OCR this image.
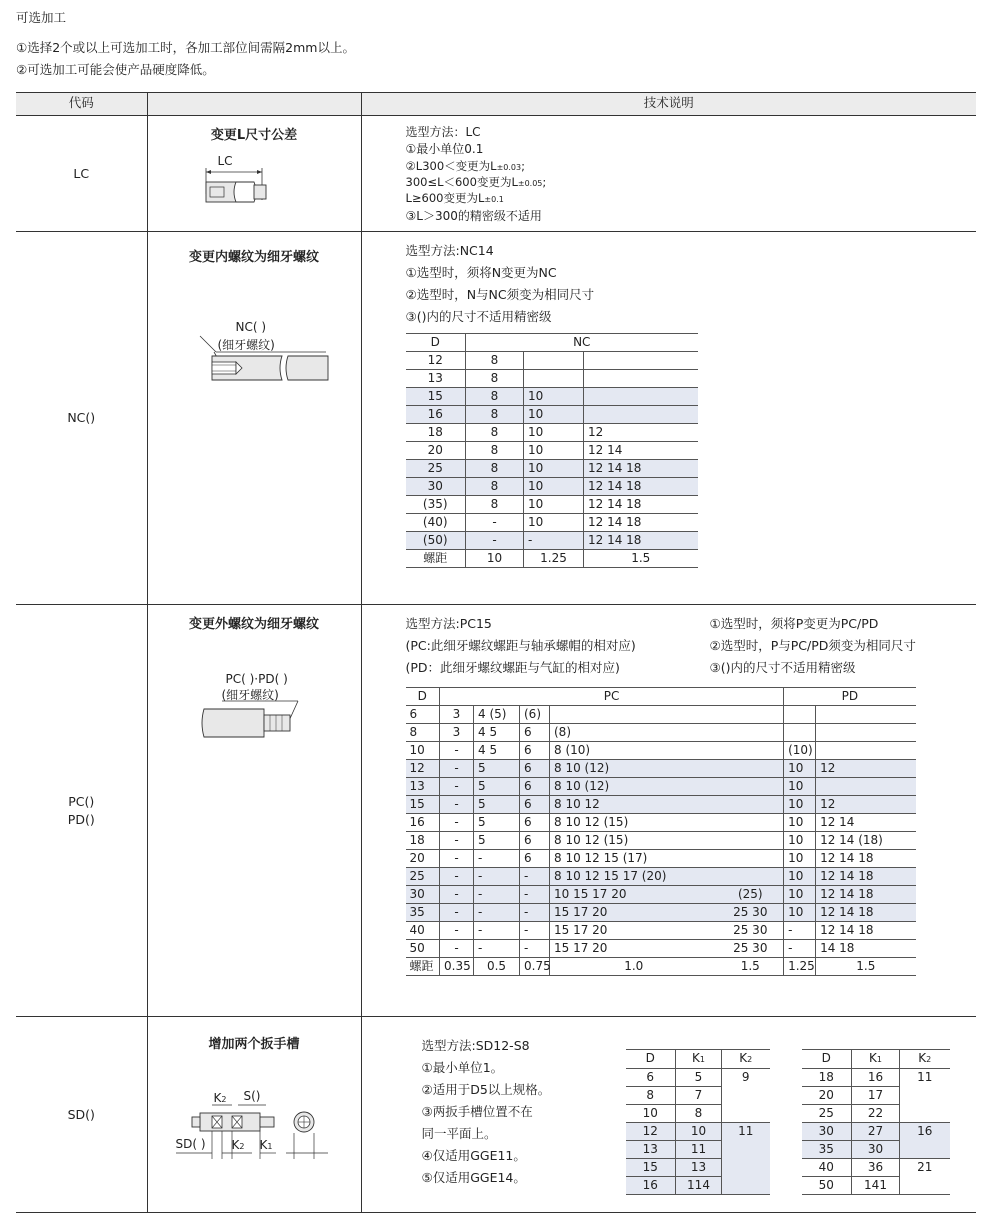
可选加工
①选择2个或以上可选加工时，各加工部位间需隔2mm以上。
②可选加工可能会使产品硬度降低。
代码		技术说明

LC

变更L尺寸公差
LC

选型方法：LC
①最小单位0.1
②L300＜变更为L±0.03;
300≤L＜600变更为L±0.05;
L≥600变更为L±0.1
③L＞300的精密级不适用

NC()

变更内螺纹为细牙螺纹
NC( )
(细牙螺纹)

选型方法:NC14
①选型时，须将N变更为NC
②选型时，N与NC须变为相同尺寸
③()内的尺寸不适用精密级
D	NC
12	8		
13	8		
15	8	10	
16	8	10	
18	8	10	12
20	8	10	12 14
25	8	10	12 14 18
30	8	10	12 14 18
(35)	8	10	12 14 18
(40)	-	10	12 14 18
(50)	-	-	12 14 18
螺距	10	1.25	1.5

PC()
PD()

变更外螺纹为细牙螺纹
PC( )·PD( )
(细牙螺纹)

选型方法:PC15
(PC:此细牙螺纹螺距与轴承螺帽的相对应)
(PD：此细牙螺纹螺距与气缸的相对应)
①选型时，须将P变更为PC/PD
②选型时，P与PC/PD须变为相同尺寸
③()内的尺寸不适用精密级
D	PC	PD
6	3	4 (5)	(6)				
8	3	4 5	6	(8)			
10	-	4 5	6	8 (10)		(10)	
12	-	5	6	8 10 (12)		10	12
13	-	5	6	8 10 (12)		10	
15	-	5	6	8 10 12		10	12
16	-	5	6	8 10 12 (15)		10	12 14
18	-	5	6	8 10 12 (15)		10	12 14 (18)
20	-	-	6	8 10 12 15 (17)		10	12 14 18
25	-	-	-	8 10 12 15 17 (20)		10	12 14 18
30	-	-	-	10 15 17 20	(25)	10	12 14 18
35	-	-	-	15 17 20	25 30	10	12 14 18
40	-	-	-	15 17 20	25 30	-	12 14 18
50	-	-	-	15 17 20	25 30	-	14 18
螺距	0.35	0.5	0.75	1.0	1.5	1.25	1.5

SD()

增加两个扳手槽
K2 S()
SD( ) K2 K1

选型方法:SD12-S8
①最小单位1。
②适用于D5以上规格。
③两扳手槽位置不在
同一平面上。
④仅适用GGE11。
⑤仅适用GGE14。
D	K1	K2
6	5	9
8	7
10	8
12	10	11
13	11
15	13
16	114
D	K1	K2
18	16	11
20	17
25	22
30	27	16
35	30
40	36	21
50	141
